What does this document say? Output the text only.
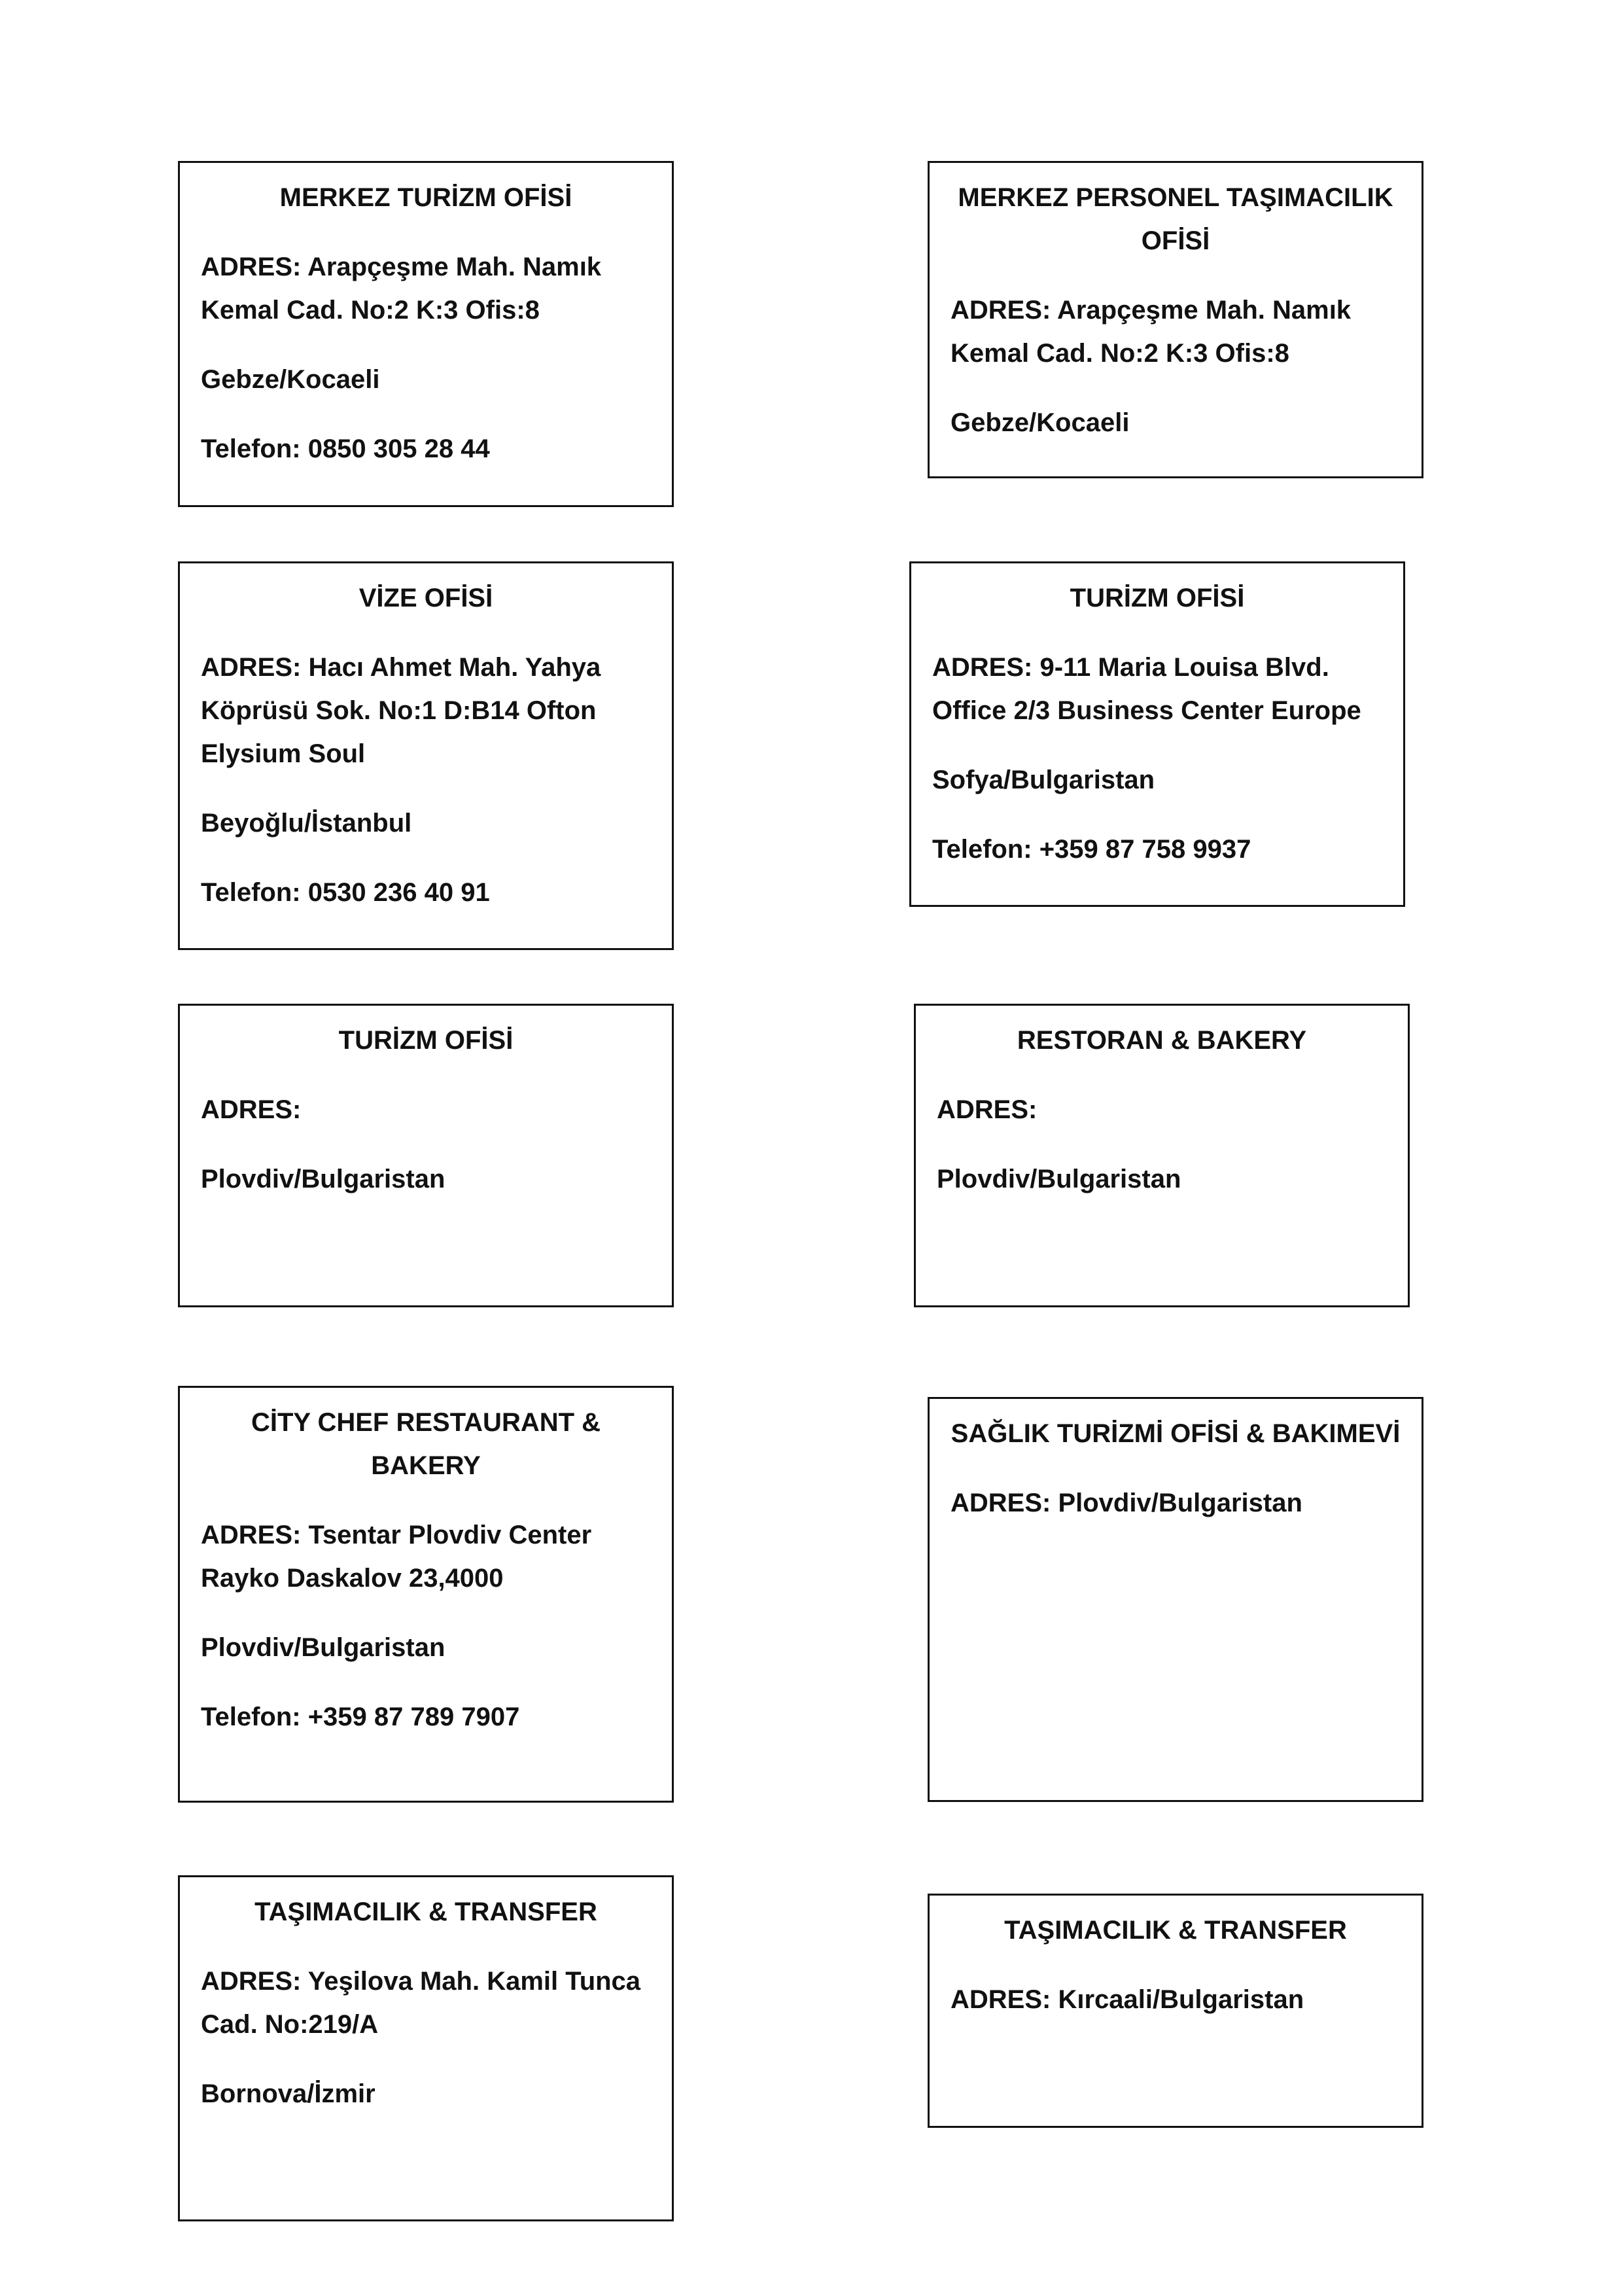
MERKEZ TURİZM OFİSİ
ADRES: Arapçeşme Mah. Namık Kemal Cad. No:2 K:3 Ofis:8
Gebze/Kocaeli
Telefon: 0850 305 28 44
MERKEZ PERSONEL TAŞIMACILIK OFİSİ
ADRES: Arapçeşme Mah. Namık Kemal Cad. No:2 K:3 Ofis:8
Gebze/Kocaeli
VİZE OFİSİ
ADRES: Hacı Ahmet Mah. Yahya Köprüsü Sok. No:1 D:B14 Ofton Elysium Soul
Beyoğlu/İstanbul
Telefon: 0530 236 40 91
TURİZM OFİSİ
ADRES: 9-11 Maria Louisa Blvd. Office 2/3 Business Center Europe
Sofya/Bulgaristan
Telefon: +359 87 758 9937
TURİZM OFİSİ
ADRES:
Plovdiv/Bulgaristan
RESTORAN & BAKERY
ADRES:
Plovdiv/Bulgaristan
CİTY CHEF RESTAURANT & BAKERY
ADRES: Tsentar Plovdiv Center Rayko Daskalov 23,4000
Plovdiv/Bulgaristan
Telefon: +359 87 789 7907
SAĞLIK TURİZMİ OFİSİ & BAKIMEVİ
ADRES: Plovdiv/Bulgaristan
TAŞIMACILIK & TRANSFER
ADRES: Yeşilova Mah. Kamil Tunca Cad. No:219/A
Bornova/İzmir
TAŞIMACILIK & TRANSFER
ADRES: Kırcaali/Bulgaristan
